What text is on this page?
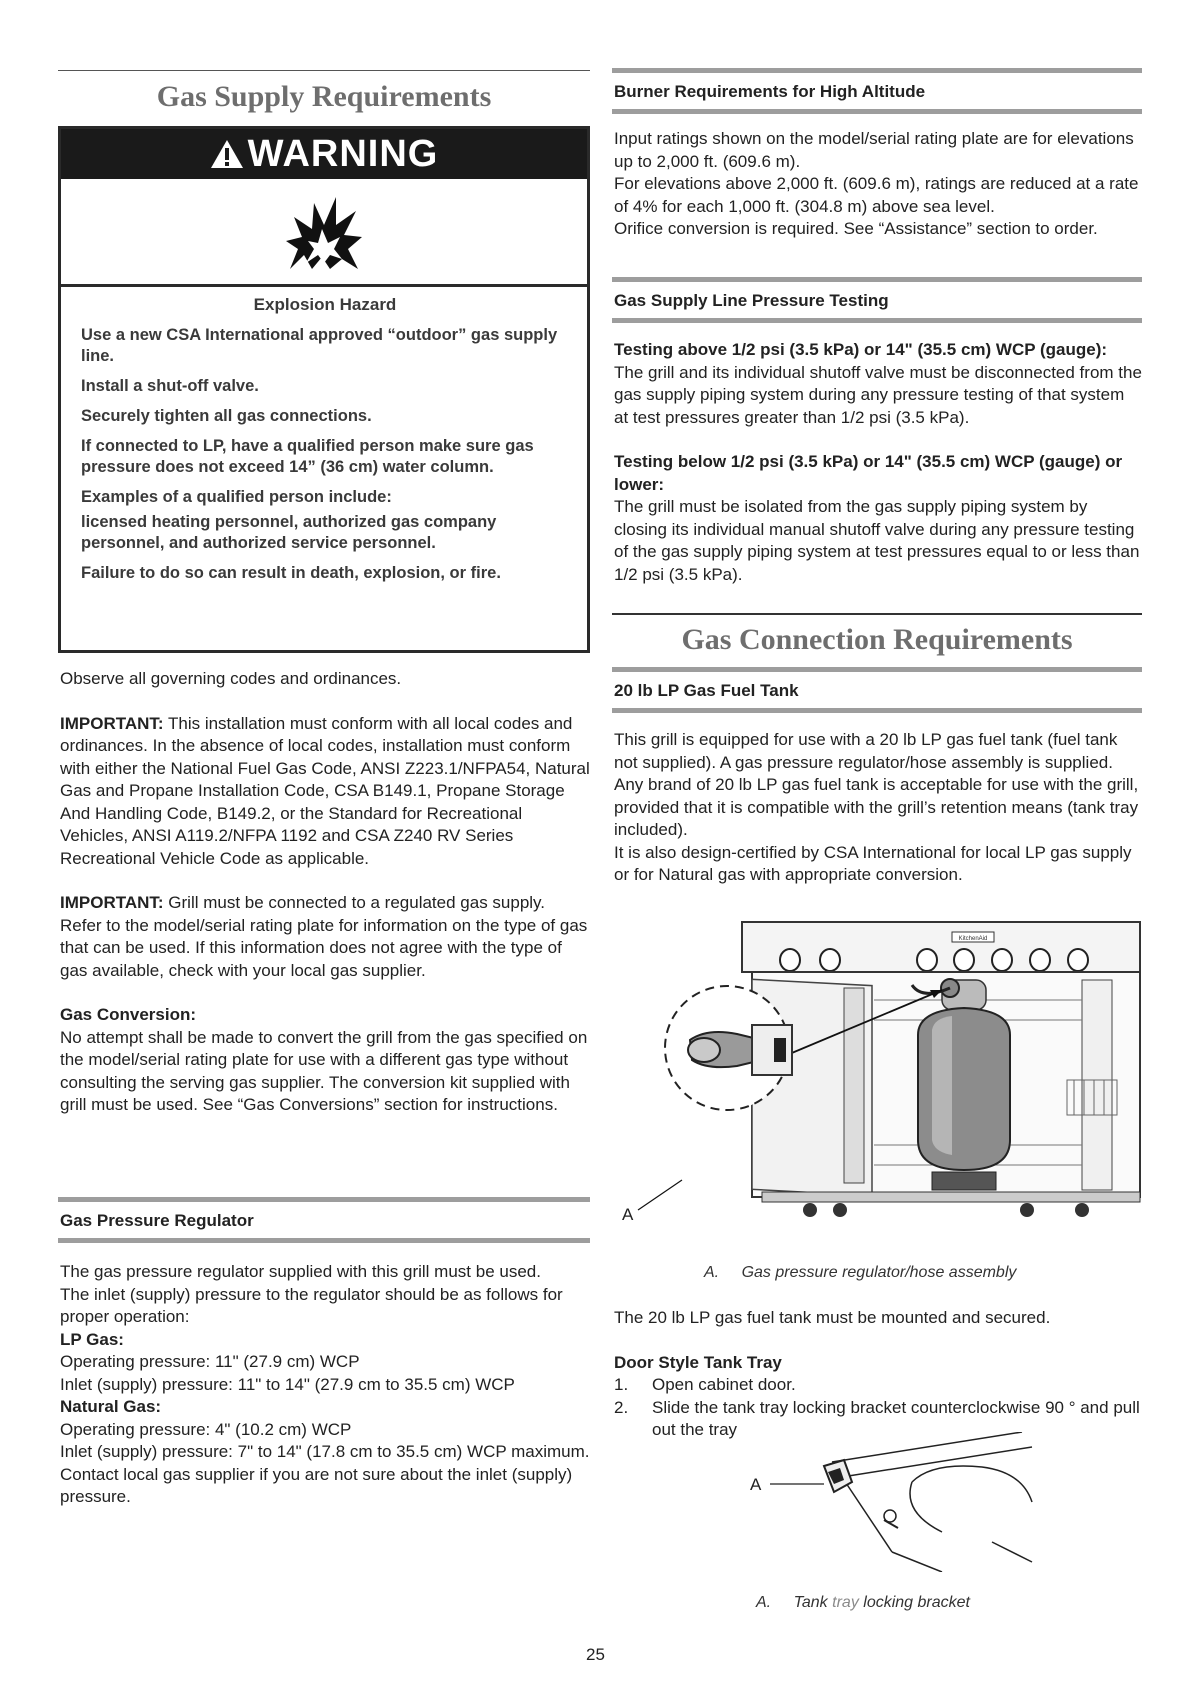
Gas Supply Requirements
WARNING
Explosion Hazard
Use a new CSA International approved “outdoor” gas supply line.
Install a shut-off valve.
Securely tighten all gas connections.
If connected to LP, have a qualified person make sure gas pressure does not exceed 14” (36 cm) water column.
Examples of a qualified person include:
licensed heating personnel, authorized gas company personnel, and authorized service personnel.
Failure to do so can result in death, explosion, or fire.

Observe all governing codes and ordinances.

IMPORTANT: This installation must conform with all local codes and ordinances. In the absence of local codes, installation must conform with either the National Fuel Gas Code, ANSI Z223.1/NFPA54, Natural Gas and Propane Installation Code, CSA B149.1, Propane Storage And Handling Code, B149.2, or the Standard for Recreational Vehicles, ANSI A119.2/NFPA 1192 and CSA Z240 RV Series Recreational Vehicle Code as applicable.

IMPORTANT: Grill must be connected to a regulated gas supply. Refer to the model/serial rating plate for information on the type of gas that can be used. If this information does not agree with the type of gas available, check with your local gas supplier.

Gas Conversion:

No attempt shall be made to convert the grill from the gas specified on the model/serial rating plate for use with a different gas type without consulting the serving gas supplier. The conversion kit supplied with grill must be used. See “Gas Conversions” section for instructions.

Gas Pressure Regulator

The gas pressure regulator supplied with this grill must be used.

The inlet (supply) pressure to the regulator should be as follows for proper operation:

LP Gas:

Operating pressure: 11" (27.9 cm) WCP

Inlet (supply) pressure: 11" to 14" (27.9 cm to 35.5 cm) WCP

Natural Gas:

Operating pressure: 4" (10.2 cm) WCP

Inlet (supply) pressure: 7" to 14" (17.8 cm to 35.5 cm) WCP maximum.

Contact local gas supplier if you are not sure about the inlet (supply) pressure.

Burner Requirements for High Altitude

Input ratings shown on the model/serial rating plate are for elevations up to 2,000 ft. (609.6 m).

For elevations above 2,000 ft. (609.6 m), ratings are reduced at a rate of 4% for each 1,000 ft. (304.8 m) above sea level.

Orifice conversion is required. See “Assistance” section to order.

Gas Supply Line Pressure Testing

Testing above 1/2 psi (3.5 kPa) or 14" (35.5 cm) WCP (gauge):

The grill and its individual shutoff valve must be disconnected from the gas supply piping system during any pressure testing of that system at test pressures greater than 1/2 psi (3.5 kPa).

Testing below 1/2 psi (3.5 kPa) or 14" (35.5 cm) WCP (gauge) or lower:

The grill must be isolated from the gas supply piping system by closing its individual manual shutoff valve during any pressure testing of the gas supply piping system at test pressures equal to or less than 1/2 psi (3.5 kPa).

Gas Connection Requirements
20 lb LP Gas Fuel Tank

This grill is equipped for use with a 20 lb LP gas fuel tank (fuel tank not supplied). A gas pressure regulator/hose assembly is supplied.

Any brand of 20 lb LP gas fuel tank is acceptable for use with the grill, provided that it is compatible with the grill’s retention means (tank tray included).

It is also design-certified by CSA International for local LP gas supply or for Natural gas with appropriate conversion.

KitchenAid
A
A. Gas pressure regulator/hose assembly

The 20 lb LP gas fuel tank must be mounted and secured.

Door Style Tank Tray

1.	Open cabinet door.
2.	Slide the tank tray locking bracket counterclockwise 90 ° and pull out the tray
A
A. Tank tray locking bracket
25
